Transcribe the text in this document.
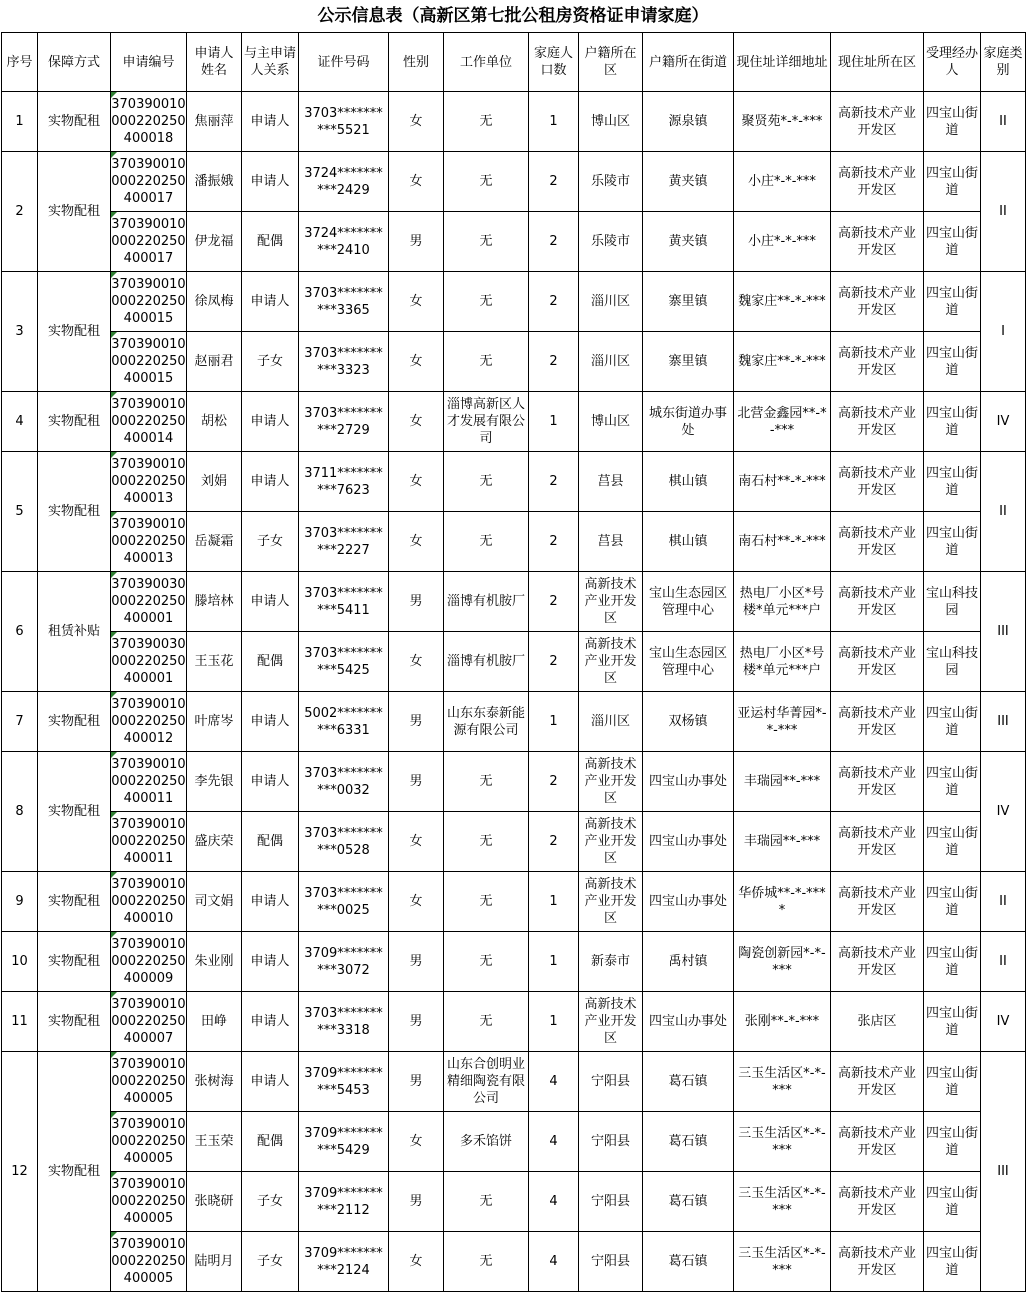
公示信息表（高新区第七批公租房资格证申请家庭）
序号	保障方式	申请编号	申请人姓名	与主申请人关系	证件号码	性别	工作单位	家庭人口数	户籍所在区	户籍所在街道	现住址详细地址	现住址所在区	受理经办人	家庭类别
1	实物配租	370390010000220250400018	焦丽萍	申请人	3703**********5521	女	无	1	博山区	源泉镇	聚贤苑*-*-***	高新技术产业开发区	四宝山街道	II
2	实物配租	370390010000220250400017	潘振娥	申请人	3724**********2429	女	无	2	乐陵市	黄夹镇	小庄*-*-***	高新技术产业开发区	四宝山街道	II
		370390010000220250400017	伊龙福	配偶	3724**********2410	男	无	2	乐陵市	黄夹镇	小庄*-*-***	高新技术产业开发区	四宝山街道	
3	实物配租	370390010000220250400015	徐凤梅	申请人	3703**********3365	女	无	2	淄川区	寨里镇	魏家庄**-*-***	高新技术产业开发区	四宝山街道	I
		370390010000220250400015	赵丽君	子女	3703**********3323	女	无	2	淄川区	寨里镇	魏家庄**-*-***	高新技术产业开发区	四宝山街道	
4	实物配租	370390010000220250400014	胡松	申请人	3703**********2729	女	淄博高新区人才发展有限公司	1	博山区	城东街道办事处	北营金鑫园**-*-***	高新技术产业开发区	四宝山街道	IV
5	实物配租	370390010000220250400013	刘娟	申请人	3711**********7623	女	无	2	莒县	棋山镇	南石村**-*-***	高新技术产业开发区	四宝山街道	II
		370390010000220250400013	岳凝霜	子女	3703**********2227	女	无	2	莒县	棋山镇	南石村**-*-***	高新技术产业开发区	四宝山街道	
6	租赁补贴	370390030000220250400001	滕培林	申请人	3703**********5411	男	淄博有机胺厂	2	高新技术产业开发区	宝山生态园区管理中心	热电厂小区*号楼*单元***户	高新技术产业开发区	宝山科技园	III
		370390030000220250400001	王玉花	配偶	3703**********5425	女	淄博有机胺厂	2	高新技术产业开发区	宝山生态园区管理中心	热电厂小区*号楼*单元***户	高新技术产业开发区	宝山科技园	
7	实物配租	370390010000220250400012	叶席岑	申请人	5002**********6331	男	山东东泰新能源有限公司	1	淄川区	双杨镇	亚运村华菁园*-*-***	高新技术产业开发区	四宝山街道	III
8	实物配租	370390010000220250400011	李先银	申请人	3703**********0032	男	无	2	高新技术产业开发区	四宝山办事处	丰瑞园**-***	高新技术产业开发区	四宝山街道	IV
		370390010000220250400011	盛庆荣	配偶	3703**********0528	女	无	2	高新技术产业开发区	四宝山办事处	丰瑞园**-***	高新技术产业开发区	四宝山街道	
9	实物配租	370390010000220250400010	司文娟	申请人	3703**********0025	女	无	1	高新技术产业开发区	四宝山办事处	华侨城**-*-****	高新技术产业开发区	四宝山街道	II
10	实物配租	370390010000220250400009	朱业刚	申请人	3709**********3072	男	无	1	新泰市	禹村镇	陶瓷创新园*-*-***	高新技术产业开发区	四宝山街道	II
11	实物配租	370390010000220250400007	田峥	申请人	3703**********3318	男	无	1	高新技术产业开发区	四宝山办事处	张刚**-*-***	张店区	四宝山街道	IV
12	实物配租	370390010000220250400005	张树海	申请人	3709**********5453	男	山东合创明业精细陶瓷有限公司	4	宁阳县	葛石镇	三玉生活区*-*-***	高新技术产业开发区	四宝山街道	III
		370390010000220250400005	王玉荣	配偶	3709**********5429	女	多禾馅饼	4	宁阳县	葛石镇	三玉生活区*-*-***	高新技术产业开发区	四宝山街道	
		370390010000220250400005	张晓研	子女	3709**********2112	男	无	4	宁阳县	葛石镇	三玉生活区*-*-***	高新技术产业开发区	四宝山街道	
		370390010000220250400005	陆明月	子女	3709**********2124	女	无	4	宁阳县	葛石镇	三玉生活区*-*-***	高新技术产业开发区	四宝山街道	
